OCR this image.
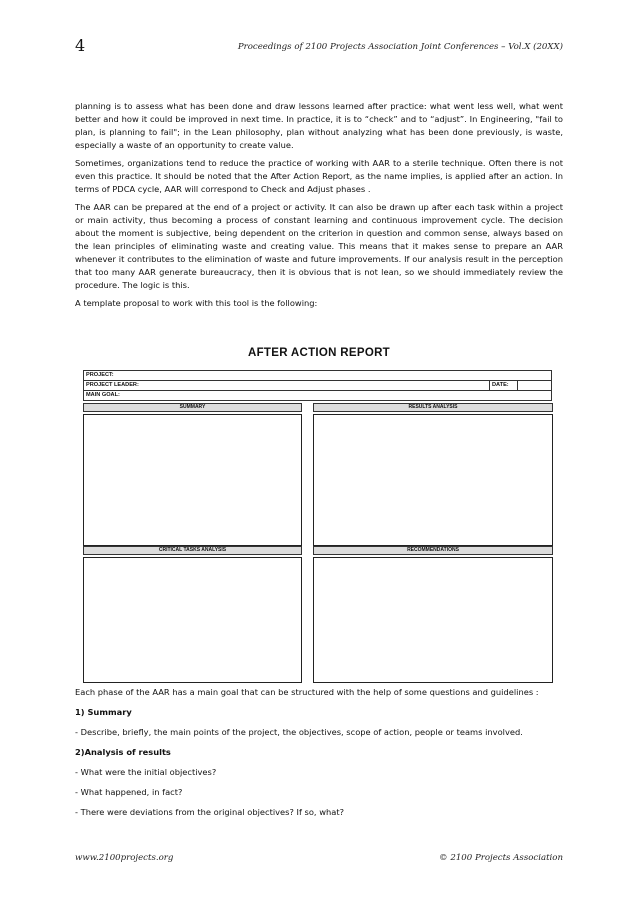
4	Proceedings of 2100 Projects Association Joint Conferences – Vol.X (20XX)

planning is to assess what has been done and draw lessons learned after practice: what went less well, what went better and how it could be improved in next time. In practice, it is to “check” and to “adjust”. In Engineering, "fail to plan, is planning to fail"; in the Lean philosophy, plan without analyzing what has been done previously, is waste, especially a waste of an opportunity to create value.

Sometimes, organizations tend to reduce the practice of working with AAR to a sterile technique. Often there is not even this practice. It should be noted that the After Action Report, as the name implies, is applied after an action. In terms of PDCA cycle, AAR will correspond to Check and Adjust phases .

The AAR can be prepared at the end of a project or activity. It can also be drawn up after each task within a project or main activity, thus becoming a process of constant learning and continuous improvement cycle. The decision about the moment is subjective, being dependent on the criterion in question and common sense, always based on the lean principles of eliminating waste and creating value. This means that it makes sense to prepare an AAR whenever it contributes to the elimination of waste and future improvements. If our analysis result in the perception that too many AAR generate bureaucracy, then it is obvious that is not lean, so we should immediately review the procedure. The logic is this.

A template proposal to work with this tool is the following:

AFTER ACTION REPORT
PROJECT:
PROJECT LEADER:	DATE:
MAIN GOAL:
SUMMARY	RESULTS ANALYSIS
CRITICAL TASKS ANALYSIS	RECOMMENDATIONS

Each phase of the AAR has a main goal that can be structured with the help of some questions and guidelines :

1) Summary

- Describe, briefly, the main points of the project, the objectives, scope of action, people or teams involved.

2)Analysis of results

- What were the initial objectives?

- What happened, in fact?

- There were deviations from the original objectives? If so, what?

www.2100projects.org	© 2100 Projects Association
